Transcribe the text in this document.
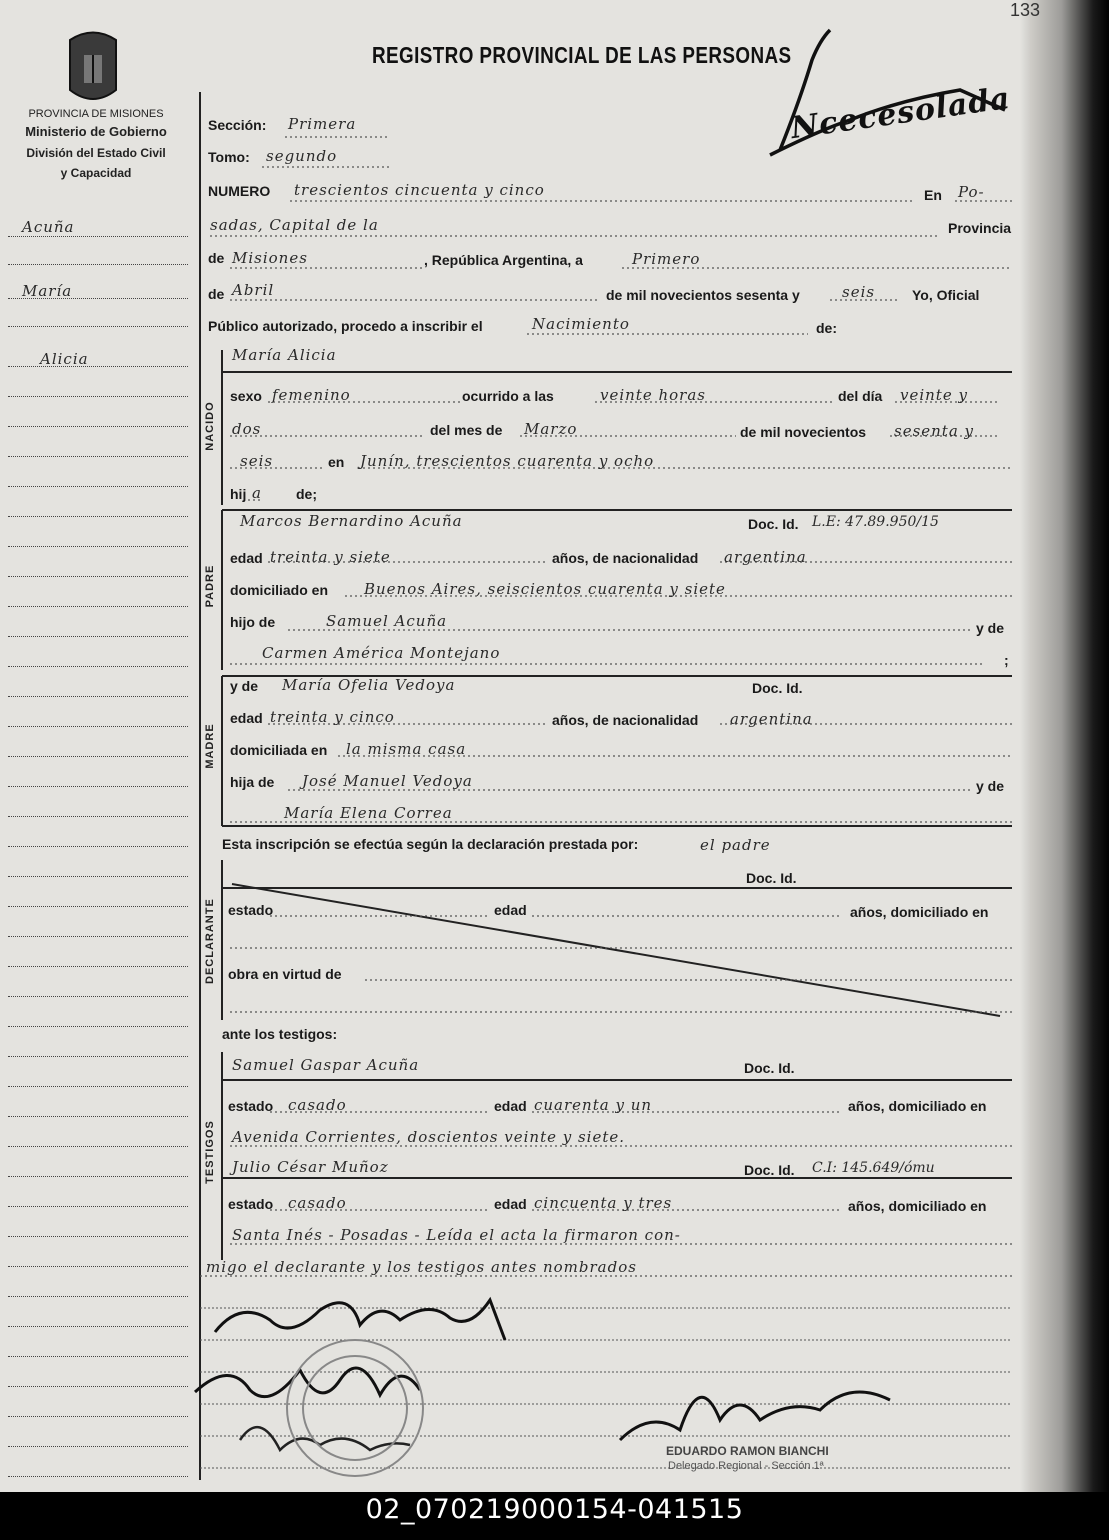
133
REGISTRO PROVINCIAL DE LAS PERSONAS
Ncecesolada
PROVINCIA DE MISIONES
Ministerio de Gobierno
División del Estado Civil
y Capacidad
Acuña
María
Alicia
Sección: Primera
Tomo: segundo
NUMERO trescientos cincuenta y cinco	En Po-
sadas, Capital de la	Provincia
de Misiones	, República Argentina, a	Primero
de Abril	de mil novecientos sesenta y	seis	Yo, Oficial
Público autorizado, procedo a inscribir el	Nacimiento	de:
NACIDO
María Alicia
sexo femenino	ocurrido a las	veinte horas	del día veinte y
dos	del mes de Marzo	de mil novecientos sesenta y
seis	en Junín, trescientos cuarenta y ocho
hij a de;
PADRE
Marcos Bernardino Acuña	Doc. Id. L.E: 47.89.950/15
edad treinta y siete	años, de nacionalidad argentina
domiciliado en Buenos Aires, seiscientos cuarenta y siete
hijo de	Samuel Acuña	y de
Carmen América Montejano	;
MADRE
y de María Ofelia Vedoya	Doc. Id.
edad treinta y cinco	años, de nacionalidad argentina
domiciliada en la misma casa
hija de José Manuel Vedoya	y de
María Elena Correa
Esta inscripción se efectúa según la declaración prestada por:	el padre
DECLARANTE
Doc. Id.
estado	edad	años, domiciliado en
obra en virtud de
ante los testigos:
TESTIGOS
Samuel Gaspar Acuña	Doc. Id.
estado casado	edad cuarenta y un	años, domiciliado en
Avenida Corrientes, doscientos veinte y siete.
Julio César Muñoz	Doc. Id. C.I: 145.649/ómu
estado casado	edad cincuenta y tres	años, domiciliado en
Santa Inés - Posadas - Leída el acta la firmaron con-
migo el declarante y los testigos antes nombrados
EDUARDO RAMON BIANCHI
Delegado Regional - Sección 1ª
02_070219000154-041515
